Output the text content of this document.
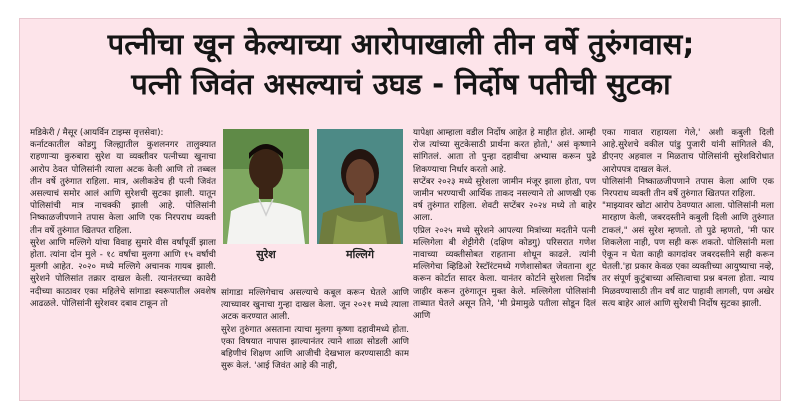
पत्नीचा खून केल्याच्या आरोपाखाली तीन वर्षे तुरुंगवास;
पत्नी जिवंत असल्याचं उघड - निर्दोष पतीची सुटका
मडिकेरी / मैसूर (आयर्विन टाइम्स वृत्तसेवा):
कर्नाटकातील कोडगु जिल्ह्यातील कुशलनगर तालुक्यात राहणाऱ्या कुरुबारा सुरेश या व्यक्तीवर पत्नीच्या खुनाचा आरोप ठेवत पोलिसांनी त्याला अटक केली आणि तो तब्बल तीन वर्षे तुरुंगात राहिला. मात्र, अलीकडेच ही पत्नी जिवंत असल्याचं समोर आलं आणि सुरेशची सुटका झाली. यातून पोलिसांची मात्र नाचक्की झाली आहे. पोलिसांनी निष्काळजीपणाने तपास केला आणि एक निरपराध व्यक्ती तीन वर्षे तुरुंगात खितपत राहिला.
सुरेश आणि मल्लिगे यांचा विवाह सुमारे वीस वर्षांपूर्वी झाला होता. त्यांना दोन मुले - १८ वर्षांचा मुलगा आणि १५ वर्षांची मुलगी आहेत. २०२० मध्ये मल्लिगे अचानक गायब झाली. सुरेशने पोलिसांत तक्रार दाखल केली. त्यानंतरच्या कावेरी नदीच्या काठावर एका महिलेचे सांगाडा स्वरूपातील अवशेष आढळले. पोलिसांनी सुरेशवर दबाव टाकून तो
सुरेश	मल्लिगे
सांगाडा मल्लिगेचाच असल्याचे कबूल करून घेतले आणि त्याच्यावर खुनाचा गुन्हा दाखल केला. जून २०२१ मध्ये त्याला अटक करण्यात आली.
सुरेश तुरुंगात असताना त्याचा मुलगा कृष्णा दहावीमध्ये होता. एका विषयात नापास झाल्यानंतर त्याने शाळा सोडली आणि बहिणीचं शिक्षण आणि आजीची देखभाल करण्यासाठी काम सुरू केलं. 'आई जिवंत आहे की नाही,
यापेक्षा आम्हाला वडील निर्दोष आहेत हे माहीत होतं. आम्ही रोज त्यांच्या सुटकेसाठी प्रार्थना करत होतो,' असं कृष्णाने सांगितलं. आता तो पुन्हा दहावीचा अभ्यास करून पुढे शिकण्याचा निर्धार करतो आहे.
सप्टेंबर २०२३ मध्ये सुरेशला जामीन मंजूर झाला होता, पण जामीन भरण्याची आर्थिक ताकद नसल्याने तो आणखी एक वर्ष तुरुंगात राहिला. शेवटी सप्टेंबर २०२४ मध्ये तो बाहेर आला.
एप्रिल २०२५ मध्ये सुरेशने आपल्या मित्रांच्या मदतीने पत्नी मल्लिगेला बी शेट्टीगेरी (दक्षिण कोडगु) परिसरात गणेश नावाच्या व्यक्तीसोबत राहताना शोधून काढले. त्यांनी मल्लिगेचा व्हिडिओ रेस्टॉरंटमध्ये गणेशासोबत जेवताना शूट करून कोर्टात सादर केला. यानंतर कोर्टाने सुरेशला निर्दोष जाहीर करून तुरुंगातून मुक्त केले. मल्लिगेला पोलिसांनी ताब्यात घेतले असून तिने, 'मी प्रेमामुळे पतीला सोडून दिलं आणि
एका गावात राहायला गेले,' अशी कबुली दिली आहे.सुरेशचे वकील पांडु पुजारी यांनी सांगितले की, डीएनए अहवाल न मिळताच पोलिसांनी सुरेशविरोधात आरोपपत्र दाखल केलं.
पोलिसांनी निष्काळजीपणाने तपास केला आणि एक निरपराध व्यक्ती तीन वर्षे तुरुंगात खितपत राहिला.
"माझ्यावर खोटा आरोप ठेवण्यात आला. पोलिसांनी मला मारहाण केली, जबरदस्तीने कबुली दिली आणि तुरुंगात टाकलं," असं सुरेश म्हणतो. तो पुढे म्हणतो, 'मी फार शिकलेला नाही, पण सही करू शकतो. पोलिसांनी मला ऐकून न घेता काही कागदांवर जबरदस्तीने सही करून घेतली.'हा प्रकार केवळ एका व्यक्तीच्या आयुष्याचा नव्हे, तर संपूर्ण कुटुंबाच्या अस्तित्वाचा प्रश्न बनला होता. न्याय मिळवण्यासाठी तीन वर्षं वाट पाहावी लागली, पण अखेर सत्य बाहेर आलं आणि सुरेशची निर्दोष सुटका झाली.
